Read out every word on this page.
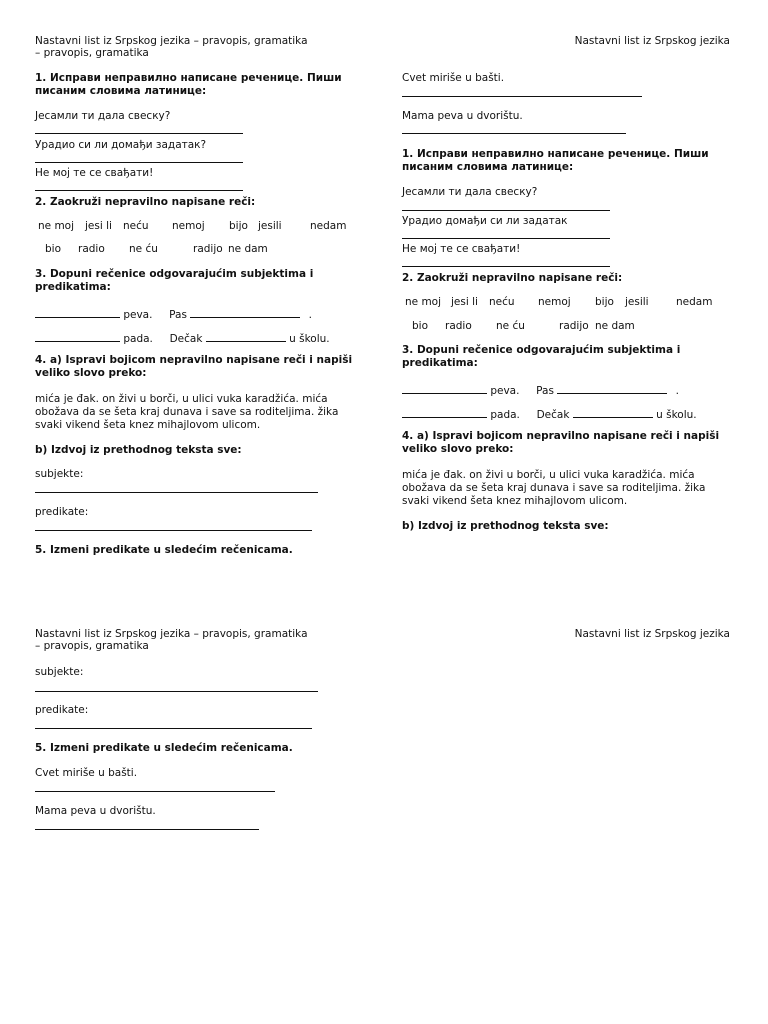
Nastavni list iz Srpskog jezika – pravopis, gramatika
– pravopis, gramatika
Nastavni list iz Srpskog jezika
1. Исправи неправилно написане реченице. Пиши
писаним словима латинице:
Јесамли ти дала свеску?
Урадио си ли домађи задатак?
Не мој те се свађати!
2. Zaokruži nepravilno napisane reči:
ne moj jesi li neću nemoj bijo jesili	nedam
bio radio ne ću	radijo ne dam
3. Dopuni rečenice odgovarajućim subjektima i
predikatima:
peva. Pas	.
pada. Dečak	u školu.
4. a) Ispravi bojicom nepravilno napisane reči i napiši
veliko slovo preko:
mića je đak. on živi u borči, u ulici vuka karadžića. mića
obožava da se šeta kraj dunava i save sa roditeljima. žika
svaki vikend šeta knez mihajlovom ulicom.
b) Izdvoj iz prethodnog teksta sve:
subjekte:
predikate:
5. Izmeni predikate u sledećim rečenicama.
Cvet miriše u bašti.
Mama peva u dvorištu.
1. Исправи неправилно написане реченице. Пиши
писаним словима латинице:
Јесамли ти дала свеску?
Урадио домађи си ли задатак
Не мој те се свађати!
2. Zaokruži nepravilno napisane reči:
ne moj jesi li neću nemoj bijo jesili	nedam
bio radio ne ću	radijo ne dam
3. Dopuni rečenice odgovarajućim subjektima i
predikatima:
peva. Pas	.
pada. Dečak	u školu.
4. a) Ispravi bojicom nepravilno napisane reči i napiši
veliko slovo preko:
mića je đak. on živi u borči, u ulici vuka karadžića. mića
obožava da se šeta kraj dunava i save sa roditeljima. žika
svaki vikend šeta knez mihajlovom ulicom.
b) Izdvoj iz prethodnog teksta sve:
Nastavni list iz Srpskog jezika – pravopis, gramatika
– pravopis, gramatika
Nastavni list iz Srpskog jezika
subjekte:
predikate:
5. Izmeni predikate u sledećim rečenicama.
Cvet miriše u bašti.
Mama peva u dvorištu.
